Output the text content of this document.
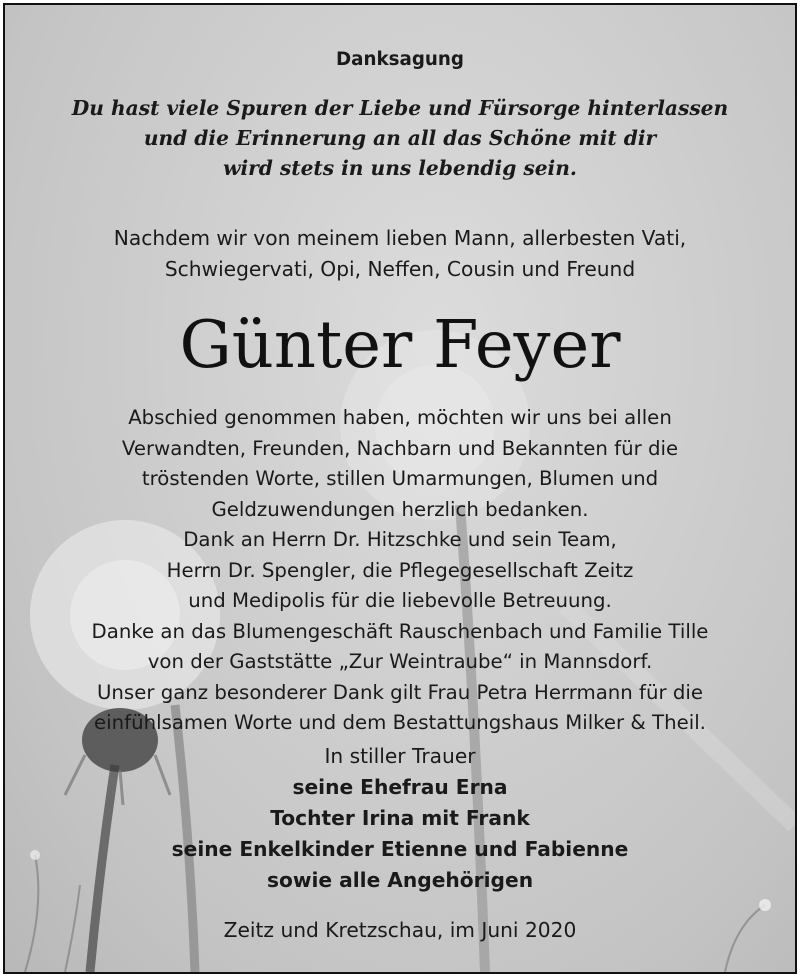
Danksagung
Du hast viele Spuren der Liebe und Fürsorge hinterlassen
und die Erinnerung an all das Schöne mit dir
wird stets in uns lebendig sein.
Nachdem wir von meinem lieben Mann, allerbesten Vati,
Schwiegervati, Opi, Neffen, Cousin und Freund
Günter Feyer
Abschied genommen haben, möchten wir uns bei allen
Verwandten, Freunden, Nachbarn und Bekannten für die
tröstenden Worte, stillen Umarmungen, Blumen und
Geldzuwendungen herzlich bedanken.
Dank an Herrn Dr. Hitzschke und sein Team,
Herrn Dr. Spengler, die Pflegegesellschaft Zeitz
und Medipolis für die liebevolle Betreuung.
Danke an das Blumengeschäft Rauschenbach und Familie Tille
von der Gaststätte „Zur Weintraube“ in Mannsdorf.
Unser ganz besonderer Dank gilt Frau Petra Herrmann für die
einfühlsamen Worte und dem Bestattungshaus Milker & Theil.
In stiller Trauer
seine Ehefrau Erna
Tochter Irina mit Frank
seine Enkelkinder Etienne und Fabienne
sowie alle Angehörigen
Zeitz und Kretzschau, im Juni 2020
